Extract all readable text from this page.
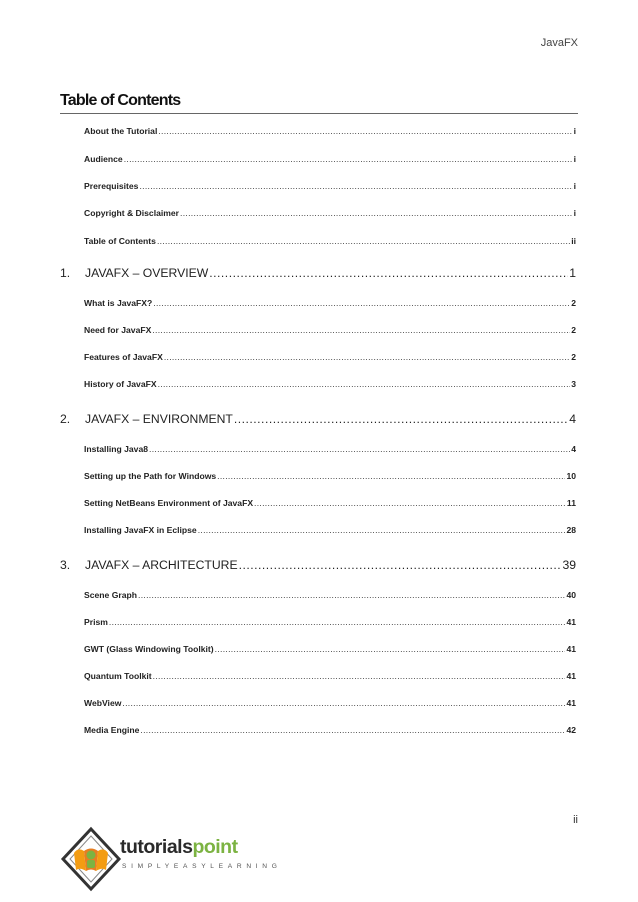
JavaFX
Table of Contents
About the Tutorial .....	i
Audience .....	i
Prerequisites .....	i
Copyright & Disclaimer .....	i
Table of Contents .....	ii
1.	JAVAFX – OVERVIEW .....	1
What is JavaFX? .....	2
Need for JavaFX .....	2
Features of JavaFX .....	2
History of JavaFX .....	3
2.	JAVAFX – ENVIRONMENT .....	4
Installing Java8 .....	4
Setting up the Path for Windows .....	10
Setting NetBeans Environment of JavaFX .....	11
Installing JavaFX in Eclipse .....	28
3.	JAVAFX – ARCHITECTURE .....	39
Scene Graph .....	40
Prism .....	41
GWT (Glass Windowing Toolkit) .....	41
Quantum Toolkit .....	41
WebView .....	41
Media Engine .....	42
ii
tutorialspoint
SIMPLYEASYLEARNING
